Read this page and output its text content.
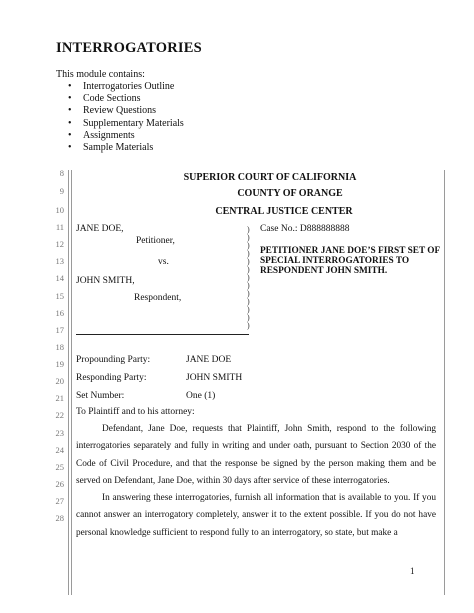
INTERROGATORIES
This module contains:
• Interrogatories Outline
• Code Sections
• Review Questions
• Supplementary Materials
• Assignments
• Sample Materials
8
9
10
11
12
13
14
15
16
17
18
19
20
21
22
23
24
25
26
27
28
SUPERIOR COURT OF CALIFORNIA
COUNTY OF ORANGE
CENTRAL JUSTICE CENTER
JANE DOE,
Petitioner,
vs.
JOHN SMITH,
Respondent,
)
)
)
)
)
)
)
)
)
)
)
)
)
Case No.: D888888888
PETITIONER JANE DOE’S FIRST SET OF SPECIAL INTERROGATORIES TO RESPONDENT JOHN SMITH.
Propounding Party:	JANE DOE
Responding Party:	JOHN SMITH
Set Number:	One (1)
To Plaintiff and to his attorney:
Defendant, Jane Doe, requests that Plaintiff, John Smith, respond to the following interrogatories separately and fully in writing and under oath, pursuant to Section 2030 of the Code of Civil Procedure, and that the response be signed by the person making them and be served on Defendant, Jane Doe, within 30 days after service of these interrogatories.
In answering these interrogatories, furnish all information that is available to you. If you cannot answer an interrogatory completely, answer it to the extent possible. If you do not have personal knowledge sufficient to respond fully to an interrogatory, so state, but make a
1
